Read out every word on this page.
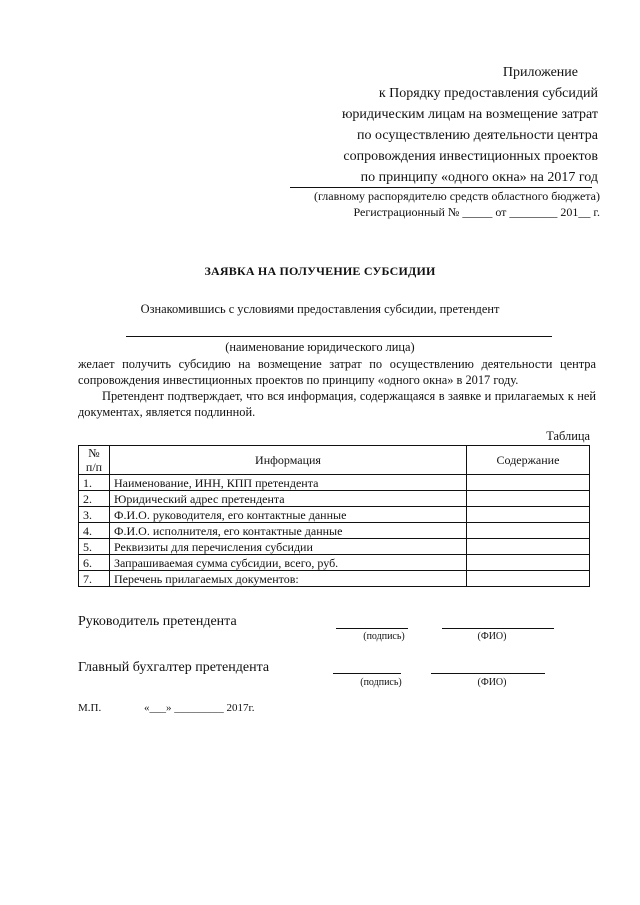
Приложение
к Порядку предоставления субсидий
юридическим лицам на возмещение затрат
по осуществлению деятельности центра
сопровождения инвестиционных проектов
по принципу «одного окна» на 2017 год
(главному распорядителю средств областного бюджета)
Регистрационный № _____ от ________ 201__ г.
ЗАЯВКА НА ПОЛУЧЕНИЕ СУБСИДИИ
Ознакомившись с условиями предоставления субсидии, претендент
(наименование юридического лица)
желает получить субсидию на возмещение затрат по осуществлению деятельности центра сопровождения инвестиционных проектов по принципу «одного окна» в 2017 году.
Претендент подтверждает, что вся информация, содержащаяся в заявке и прилагаемых к ней документах, является подлинной.
Таблица
№
п/п	Информация	Содержание
1.	Наименование, ИНН, КПП претендента	
2.	Юридический адрес претендента	
3.	Ф.И.О. руководителя, его контактные данные	
4.	Ф.И.О. исполнителя, его контактные данные	
5.	Реквизиты для перечисления субсидии	
6.	Запрашиваемая сумма субсидии, всего, руб.	
7.	Перечень прилагаемых документов:	
Руководитель претендента
(подпись)	(ФИО)
Главный бухгалтер претендента
(подпись)	(ФИО)
М.П.	«___» _________ 2017г.
